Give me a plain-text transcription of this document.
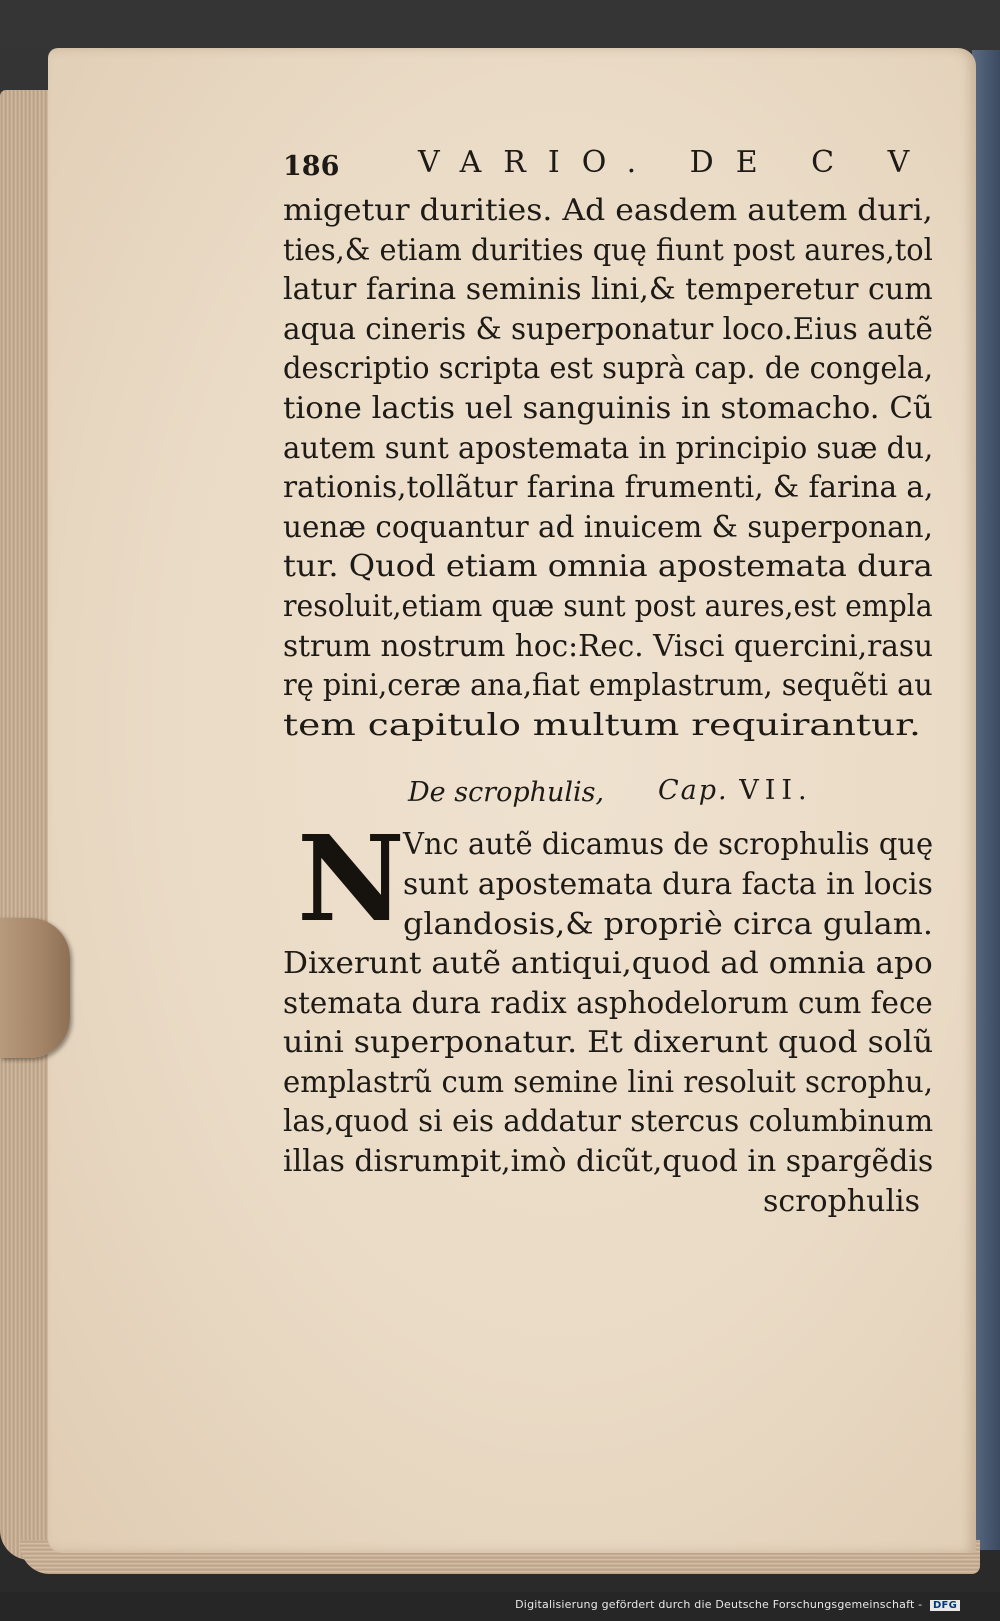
186	VARIO. DE C V
migetur durities. Ad easdem autem duri,
ties,& etiam durities quę fiunt post aures,tol
latur farina seminis lini,& temperetur cum
aqua cineris & superponatur loco.Eius autẽ
descriptio scripta est suprà cap. de congela,
tione lactis uel sanguinis in stomacho. Cũ
autem sunt apostemata in principio suæ du,
rationis,tollãtur farina frumenti, & farina a,
uenæ coquantur ad inuicem & superponan,
tur. Quod etiam omnia apostemata dura
resoluit,etiam quæ sunt post aures,est empla
strum nostrum hoc:Rec. Visci quercini,rasu
rę pini,ceræ ana,fiat emplastrum, sequẽti au
tem capitulo multum requirantur.
De scrophulis, Cap. VII.
N
Vnc autẽ dicamus de scrophulis quę
sunt apostemata dura facta in locis
glandosis,& propriè circa gulam.
Dixerunt autẽ antiqui,quod ad omnia apo
stemata dura radix asphodelorum cum fece
uini superponatur. Et dixerunt quod solũ
emplastrũ cum semine lini resoluit scrophu,
las,quod si eis addatur stercus columbinum
illas disrumpit,imò dicũt,quod in spargẽdis
scrophulis
Digitalisierung gefördert durch die Deutsche Forschungsgemeinschaft - DFG
